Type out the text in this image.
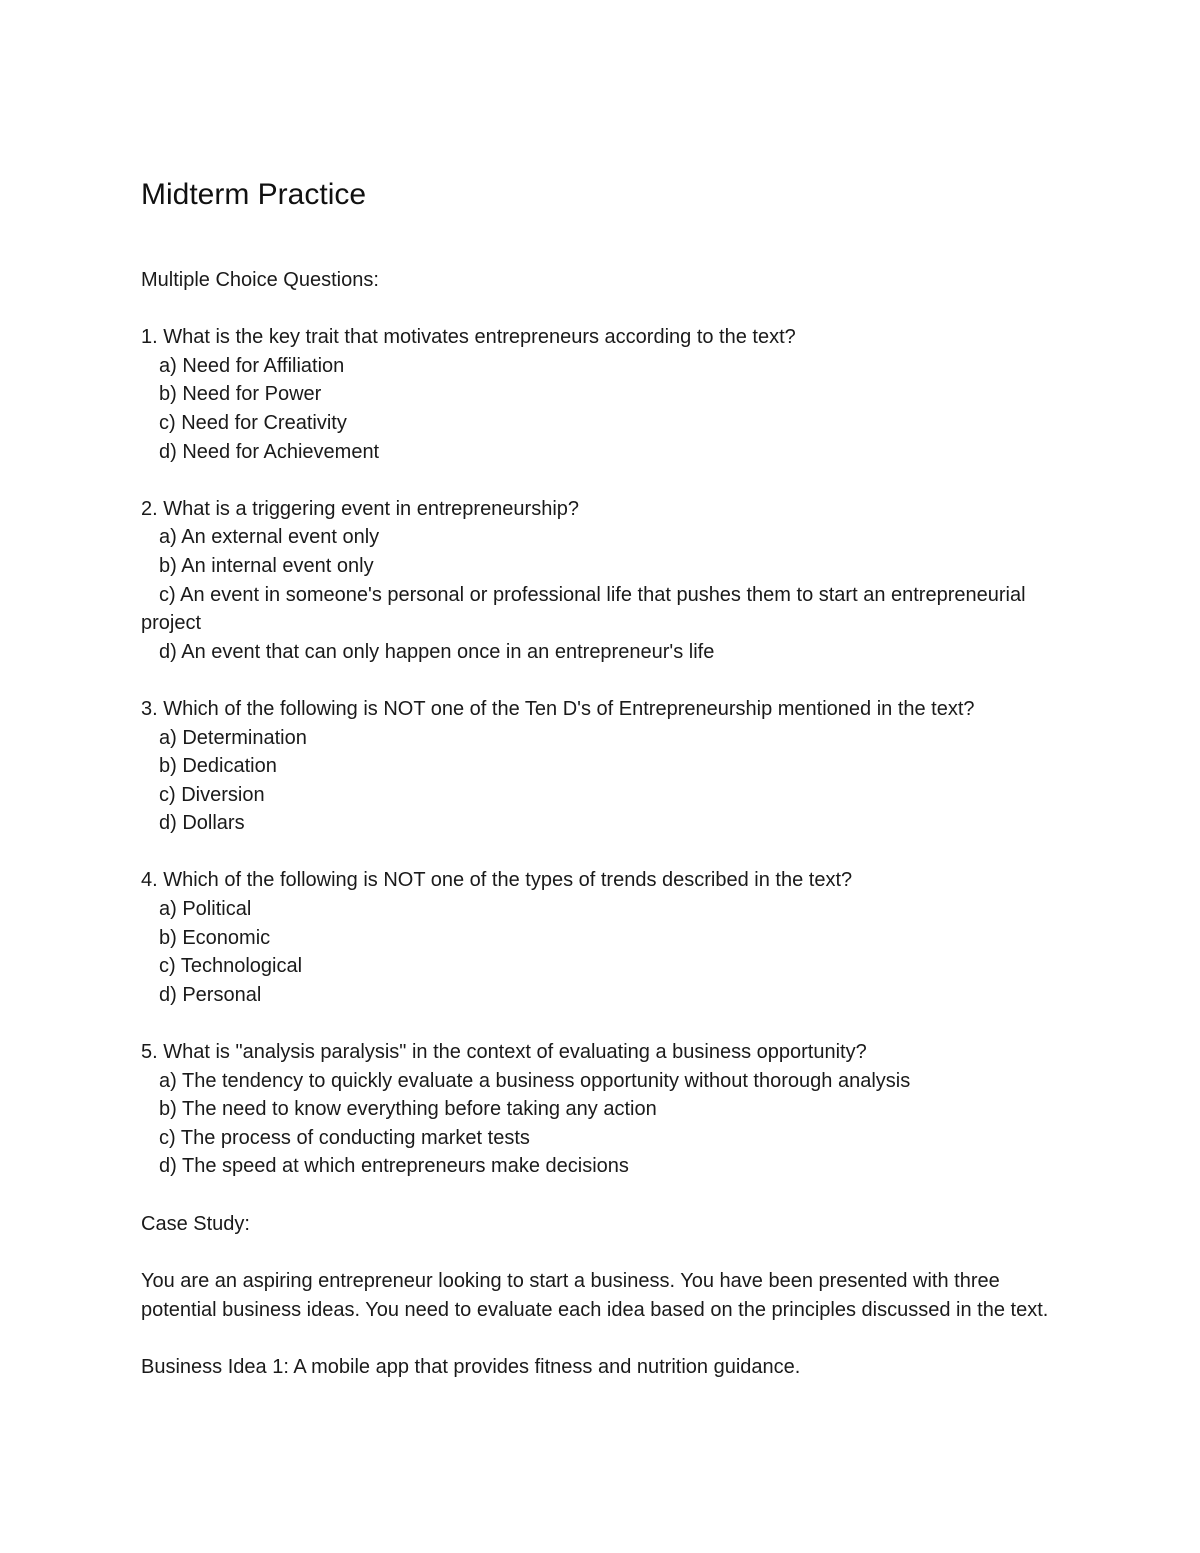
Midterm Practice

Multiple Choice Questions:

1. What is the key trait that motivates entrepreneurs according to the text?

a) Need for Affiliation

b) Need for Power

c) Need for Creativity

d) Need for Achievement

2. What is a triggering event in entrepreneurship?

a) An external event only

b) An internal event only

c) An event in someone's personal or professional life that pushes them to start an entrepreneurial project

d) An event that can only happen once in an entrepreneur's life

3. Which of the following is NOT one of the Ten D's of Entrepreneurship mentioned in the text?

a) Determination

b) Dedication

c) Diversion

d) Dollars

4. Which of the following is NOT one of the types of trends described in the text?

a) Political

b) Economic

c) Technological

d) Personal

5. What is "analysis paralysis" in the context of evaluating a business opportunity?

a) The tendency to quickly evaluate a business opportunity without thorough analysis

b) The need to know everything before taking any action

c) The process of conducting market tests

d) The speed at which entrepreneurs make decisions

Case Study:

You are an aspiring entrepreneur looking to start a business. You have been presented with three potential business ideas. You need to evaluate each idea based on the principles discussed in the text.

Business Idea 1: A mobile app that provides fitness and nutrition guidance.
